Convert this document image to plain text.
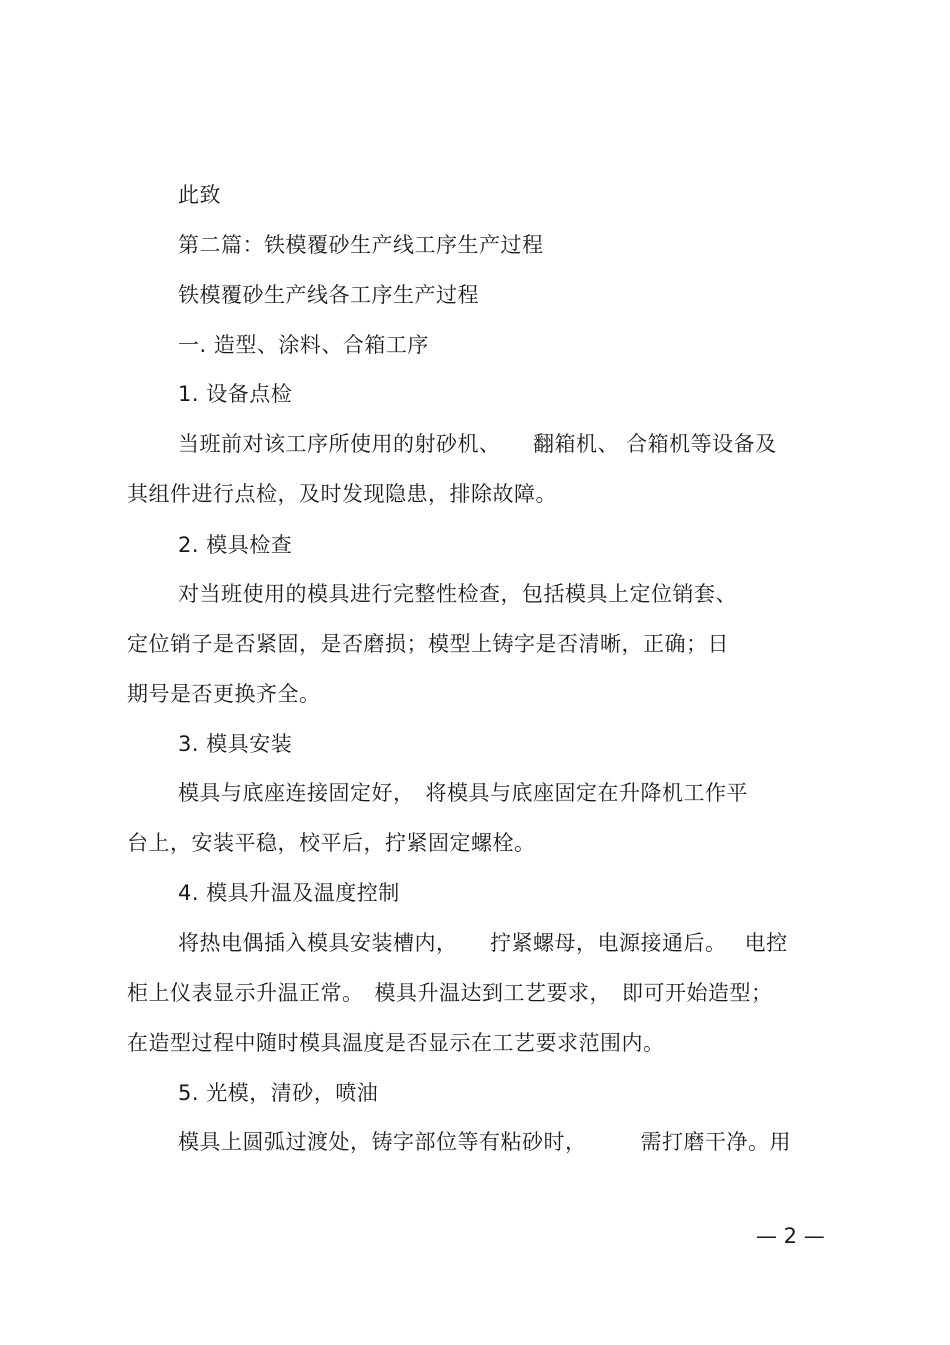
此致
第二篇：铁模覆砂生产线工序生产过程
铁模覆砂生产线各工序生产过程
一. 造型、涂料、合箱工序
1. 设备点检
当班前对该工序所使用的射砂机、　　翻箱机、 合箱机等设备及
其组件进行点检，及时发现隐患，排除故障。
2. 模具检查
对当班使用的模具进行完整性检查，包括模具上定位销套、
定位销子是否紧固，是否磨损；模型上铸字是否清晰，正确；日
期号是否更换齐全。
3. 模具安装
模具与底座连接固定好，　将模具与底座固定在升降机工作平
台上，安装平稳，校平后，拧紧固定螺栓。
4. 模具升温及温度控制
将热电偶插入模具安装槽内，　　拧紧螺母，电源接通后。　 电控
柜上仪表显示升温正常。　模具升温达到工艺要求，　即可开始造型；
在造型过程中随时模具温度是否显示在工艺要求范围内。
5. 光模，清砂，喷油
模具上圆弧过渡处，铸字部位等有粘砂时，　　　需打磨干净。用
— 2 —
